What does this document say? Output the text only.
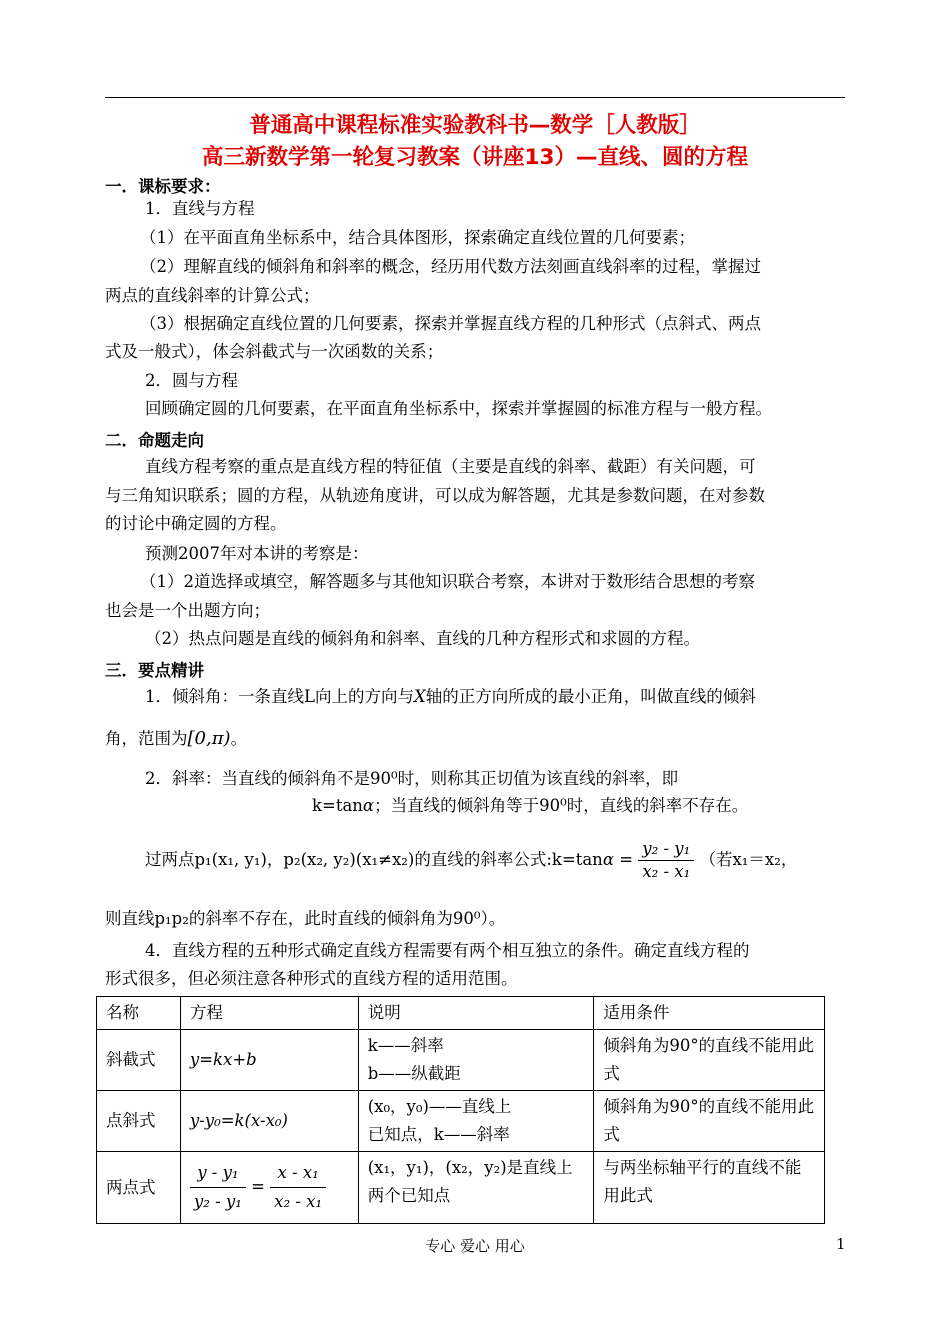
普通高中课程标准实验教科书—数学［人教版］
高三新数学第一轮复习教案（讲座13）—直线、圆的方程
一．课标要求：
1．直线与方程
（1）在平面直角坐标系中，结合具体图形，探索确定直线位置的几何要素；
（2）理解直线的倾斜角和斜率的概念，经历用代数方法刻画直线斜率的过程，掌握过
两点的直线斜率的计算公式；
（3）根据确定直线位置的几何要素，探索并掌握直线方程的几种形式（点斜式、两点
式及一般式），体会斜截式与一次函数的关系；
2．圆与方程
回顾确定圆的几何要素，在平面直角坐标系中，探索并掌握圆的标准方程与一般方程。
二．命题走向
直线方程考察的重点是直线方程的特征值（主要是直线的斜率、截距）有关问题，可
与三角知识联系；圆的方程，从轨迹角度讲，可以成为解答题，尤其是参数问题，在对参数
的讨论中确定圆的方程。
预测2007年对本讲的考察是：
（1）2道选择或填空，解答题多与其他知识联合考察，本讲对于数形结合思想的考察
也会是一个出题方向；
（2）热点问题是直线的倾斜角和斜率、直线的几种方程形式和求圆的方程。
三．要点精讲
1．倾斜角：一条直线L向上的方向与X轴的正方向所成的最小正角，叫做直线的倾斜
角，范围为[0,π)。
2．斜率：当直线的倾斜角不是90⁰时，则称其正切值为该直线的斜率，即
k=tanα；当直线的倾斜角等于90⁰时，直线的斜率不存在。
过两点p₁(x₁, y₁)，p₂(x₂, y₂)(x₁≠x₂)的直线的斜率公式:k=tanα = $\frac{\text{y₂ - y₁}}{\text{x₂ - x₁}}$ （若x₁＝x₂，
则直线p₁p₂的斜率不存在，此时直线的倾斜角为90⁰）。
4．直线方程的五种形式确定直线方程需要有两个相互独立的条件。确定直线方程的
形式很多，但必须注意各种形式的直线方程的适用范围。
名称	方程	说明	适用条件
斜截式	y=kx+b	k——斜率
b——纵截距	倾斜角为90°的直线不能用此式
点斜式	y-y₀=k(x-x₀)	(x₀，y₀)——直线上
已知点，k——斜率	倾斜角为90°的直线不能用此式
两点式	$\frac{\text{y - y₁}}{\text{y₂ - y₁}} = \frac{\text{x - x₁}}{\text{x₂ - x₁}}$	(x₁，y₁)，(x₂，y₂)是直线上两个已知点	与两坐标轴平行的直线不能用此式
专心 爱心 用心	1
